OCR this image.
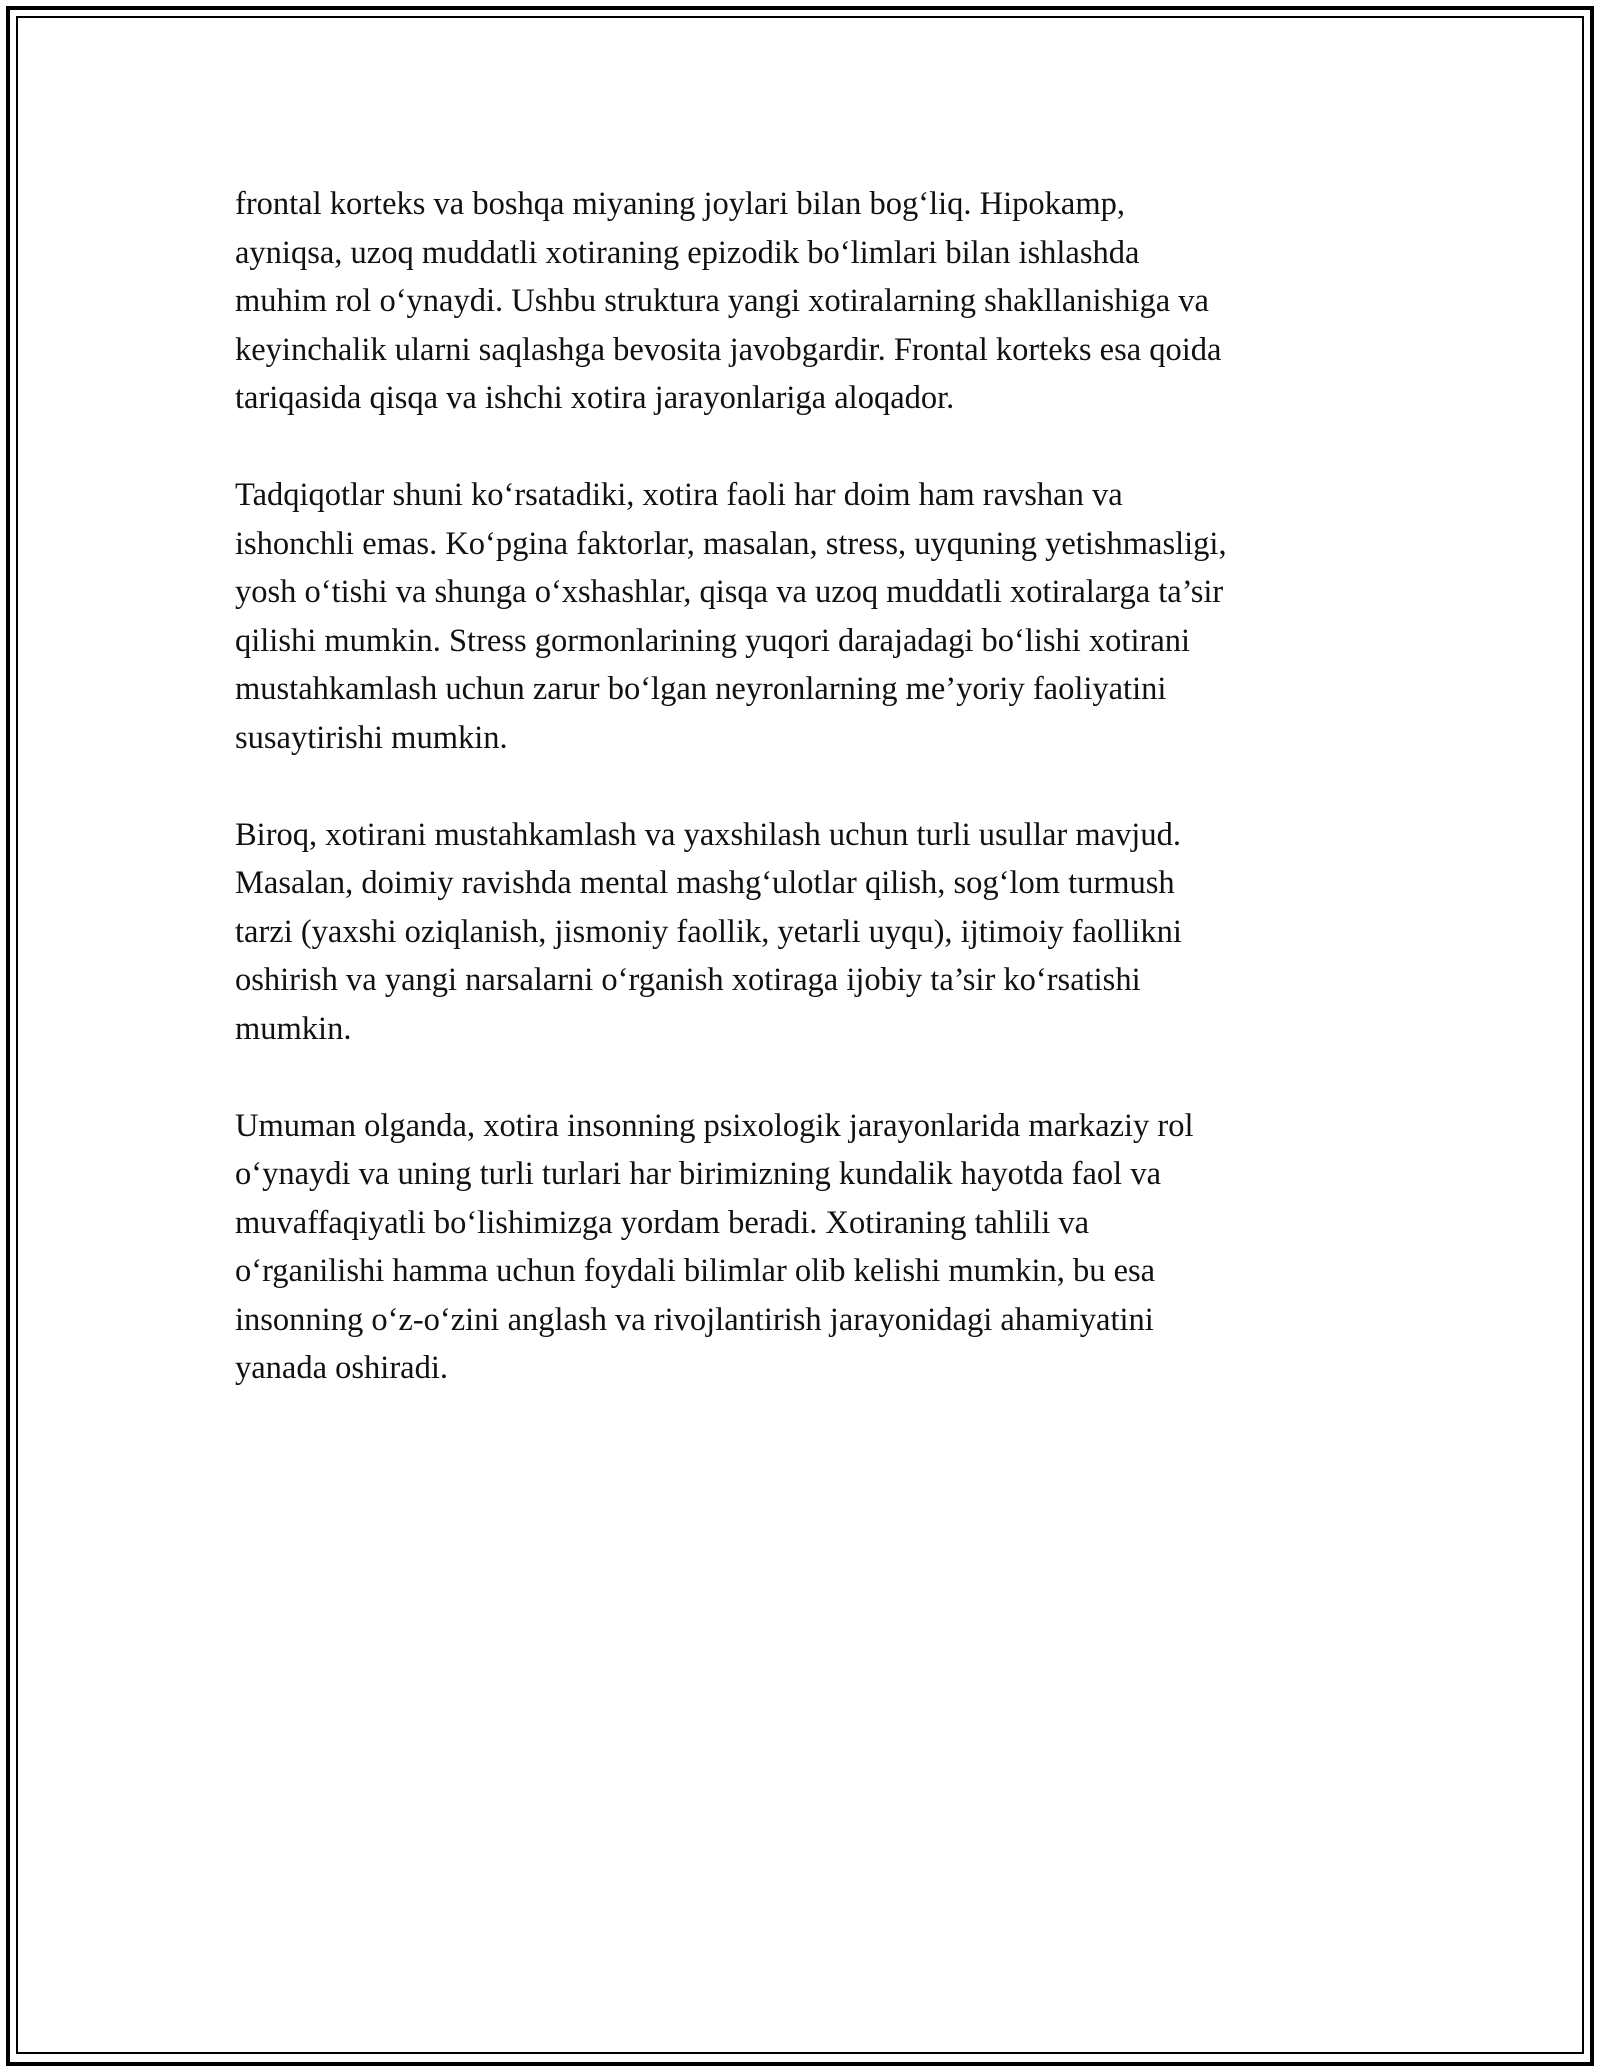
frontal korteks va boshqa miyaning joylari bilan bog‘liq. Hipokamp,
ayniqsa, uzoq muddatli xotiraning epizodik bo‘limlari bilan ishlashda
muhim rol o‘ynaydi. Ushbu struktura yangi xotiralarning shakllanishiga va
keyinchalik ularni saqlashga bevosita javobgardir. Frontal korteks esa qoida
tariqasida qisqa va ishchi xotira jarayonlariga aloqador.

Tadqiqotlar shuni ko‘rsatadiki, xotira faoli har doim ham ravshan va
ishonchli emas. Ko‘pgina faktorlar, masalan, stress, uyquning yetishmasligi,
yosh o‘tishi va shunga o‘xshashlar, qisqa va uzoq muddatli xotiralarga ta’sir
qilishi mumkin. Stress gormonlarining yuqori darajadagi bo‘lishi xotirani
mustahkamlash uchun zarur bo‘lgan neyronlarning me’yoriy faoliyatini
susaytirishi mumkin.

Biroq, xotirani mustahkamlash va yaxshilash uchun turli usullar mavjud.
Masalan, doimiy ravishda mental mashg‘ulotlar qilish, sog‘lom turmush
tarzi (yaxshi oziqlanish, jismoniy faollik, yetarli uyqu), ijtimoiy faollikni
oshirish va yangi narsalarni o‘rganish xotiraga ijobiy ta’sir ko‘rsatishi
mumkin.

Umuman olganda, xotira insonning psixologik jarayonlarida markaziy rol
o‘ynaydi va uning turli turlari har birimizning kundalik hayotda faol va
muvaffaqiyatli bo‘lishimizga yordam beradi. Xotiraning tahlili va
o‘rganilishi hamma uchun foydali bilimlar olib kelishi mumkin, bu esa
insonning o‘z-o‘zini anglash va rivojlantirish jarayonidagi ahamiyatini
yanada oshiradi.
